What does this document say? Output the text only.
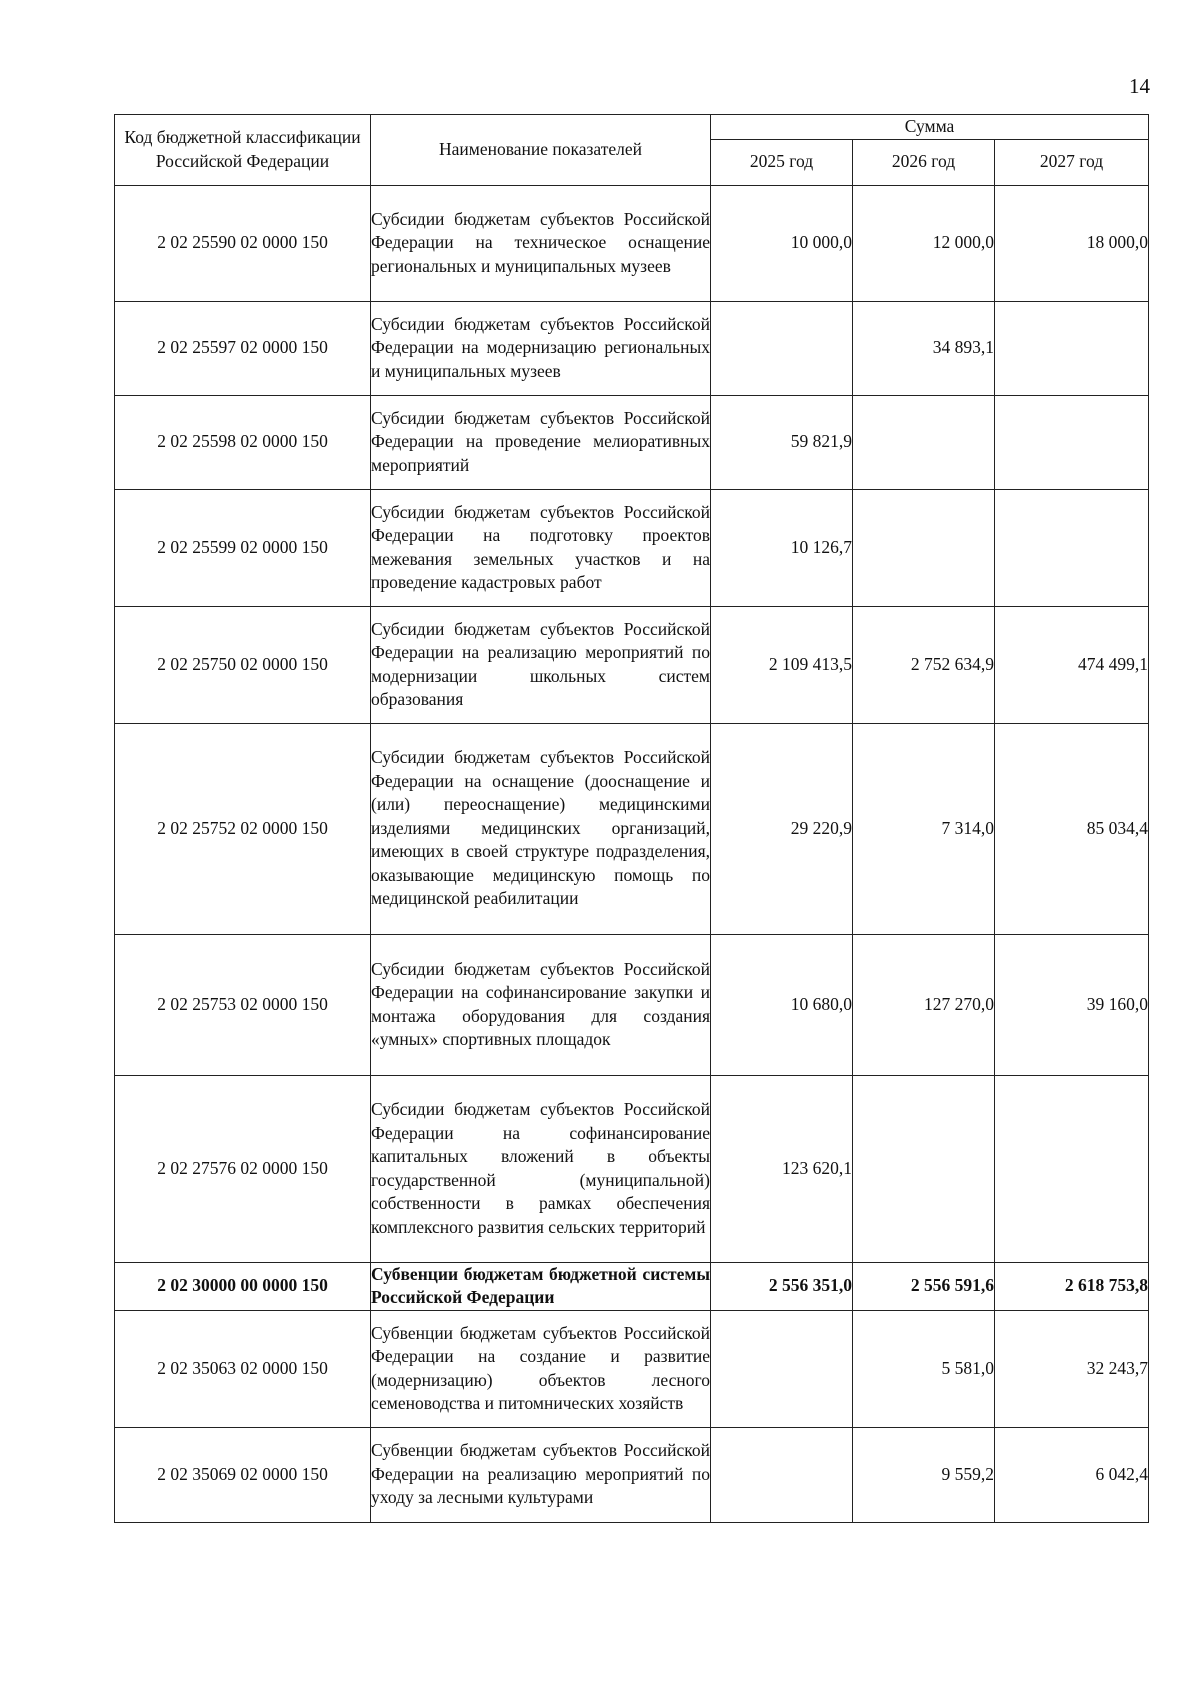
14
Код бюджетной классификации Российской Федерации	Наименование показателей	Сумма		
		2025 год	2026 год	2027 год
2 02 25590 02 0000 150	Субсидии бюджетам субъектов Российской Федерации на техническое оснащение региональных и муниципальных музеев	10 000,0	12 000,0	18 000,0
2 02 25597 02 0000 150	Субсидии бюджетам субъектов Российской Федерации на модернизацию региональных и муниципальных музеев		34 893,1	
2 02 25598 02 0000 150	Субсидии бюджетам субъектов Российской Федерации на проведение мелиоративных мероприятий	59 821,9		
2 02 25599 02 0000 150	Субсидии бюджетам субъектов Российской Федерации на подготовку проектов межевания земельных участков и на проведение кадастровых работ	10 126,7		
2 02 25750 02 0000 150	Субсидии бюджетам субъектов Российской Федерации на реализацию мероприятий по модернизации школьных систем образования	2 109 413,5	2 752 634,9	474 499,1
2 02 25752 02 0000 150	Субсидии бюджетам субъектов Российской Федерации на оснащение (дооснащение и (или) переоснащение) медицинскими изделиями медицинских организаций, имеющих в своей структуре подразделения, оказывающие медицинскую помощь по медицинской реабилитации	29 220,9	7 314,0	85 034,4
2 02 25753 02 0000 150	Субсидии бюджетам субъектов Российской Федерации на софинансирование закупки и монтажа оборудования для создания «умных» спортивных площадок	10 680,0	127 270,0	39 160,0
2 02 27576 02 0000 150	Субсидии бюджетам субъектов Российской Федерации на софинансирование капитальных вложений в объекты государственной (муниципальной) собственности в рамках обеспечения комплексного развития сельских территорий	123 620,1		
2 02 30000 00 0000 150	Субвенции бюджетам бюджетной системы Российской Федерации	2 556 351,0	2 556 591,6	2 618 753,8
2 02 35063 02 0000 150	Субвенции бюджетам субъектов Российской Федерации на создание и развитие (модернизацию) объектов лесного семеноводства и питомнических хозяйств		5 581,0	32 243,7
2 02 35069 02 0000 150	Субвенции бюджетам субъектов Российской Федерации на реализацию мероприятий по уходу за лесными культурами		9 559,2	6 042,4
